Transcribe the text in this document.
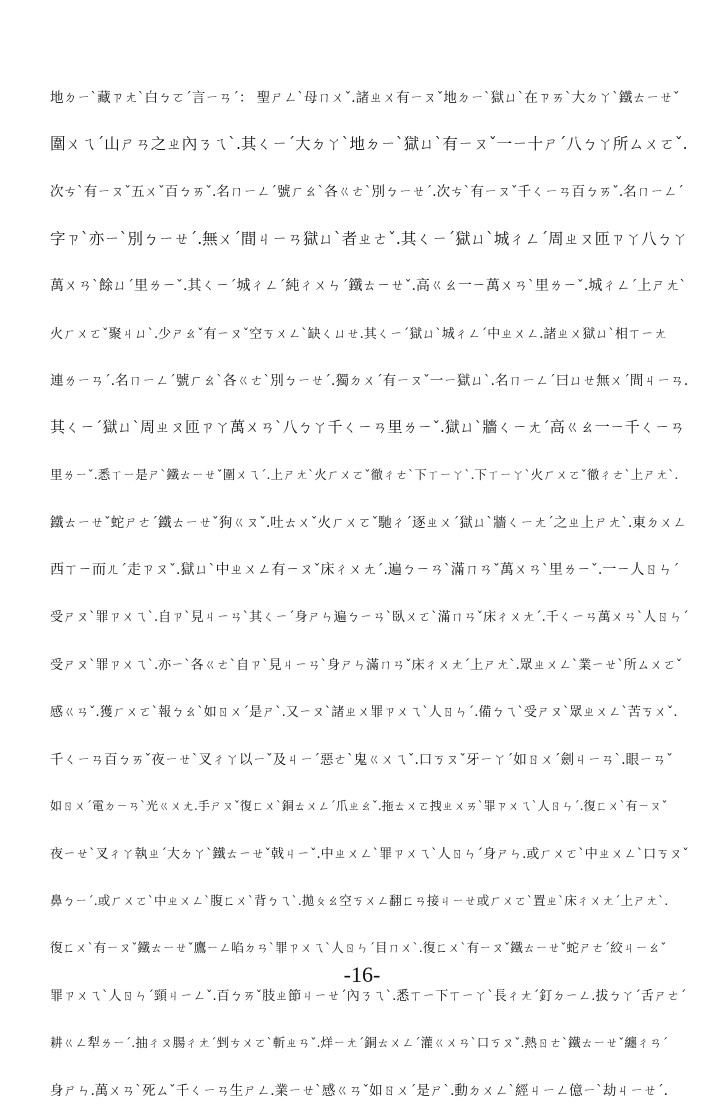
地ㄉㄧˋ藏ㄗㄤˋ白ㄅㄛˊ言ㄧㄢˊ： 聖ㄕㄥˋ母ㄇㄨˇ.諸ㄓㄨ有ㄧㄡˇ地ㄉㄧˋ獄ㄩˋ在ㄗㄞˋ大ㄉㄚˋ鐵ㄊㄧㄝˇ
圍ㄨㄟˊ山ㄕㄢ之ㄓ內ㄋㄟˋ.其ㄑㄧˊ大ㄉㄚˋ地ㄉㄧˋ獄ㄩˋ有ㄧㄡˇ一ㄧ十ㄕˊ八ㄅㄚ所ㄙㄨㄛˇ.
次ㄘˋ有ㄧㄡˇ五ㄨˇ百ㄅㄞˇ.名ㄇㄧㄥˊ號ㄏㄠˋ各ㄍㄜˋ別ㄅㄧㄝˊ.次ㄘˋ有ㄧㄡˇ千ㄑㄧㄢ百ㄅㄞˇ.名ㄇㄧㄥˊ
字ㄗˋ亦ㄧˋ別ㄅㄧㄝˊ.無ㄨˊ間ㄐㄧㄢ獄ㄩˋ者ㄓㄜˇ.其ㄑㄧˊ獄ㄩˋ城ㄔㄥˊ周ㄓㄡ匝ㄗㄚ八ㄅㄚ
萬ㄨㄢˋ餘ㄩˊ里ㄌㄧˇ.其ㄑㄧˊ城ㄔㄥˊ純ㄔㄨㄣˊ鐵ㄊㄧㄝˇ.高ㄍㄠ一ㄧ萬ㄨㄢˋ里ㄌㄧˇ.城ㄔㄥˊ上ㄕㄤˋ
火ㄏㄨㄛˇ聚ㄐㄩˋ.少ㄕㄠˇ有ㄧㄡˇ空ㄎㄨㄥˋ缺ㄑㄩㄝ.其ㄑㄧˊ獄ㄩˋ城ㄔㄥˊ中ㄓㄨㄥ.諸ㄓㄨ獄ㄩˋ相ㄒㄧㄤ
連ㄌㄧㄢˊ.名ㄇㄧㄥˊ號ㄏㄠˋ各ㄍㄜˋ別ㄅㄧㄝˊ.獨ㄉㄨˊ有ㄧㄡˇ一ㄧ獄ㄩˋ.名ㄇㄧㄥˊ曰ㄩㄝ無ㄨˊ間ㄐㄧㄢ.
其ㄑㄧˊ獄ㄩˋ周ㄓㄡ匝ㄗㄚ萬ㄨㄢˋ八ㄅㄚ千ㄑㄧㄢ里ㄌㄧˇ.獄ㄩˋ牆ㄑㄧㄤˊ高ㄍㄠ一ㄧ千ㄑㄧㄢ
里ㄌㄧˇ.悉ㄒㄧ是ㄕˋ鐵ㄊㄧㄝˇ圍ㄨㄟˊ.上ㄕㄤˋ火ㄏㄨㄛˇ徹ㄔㄜˋ下ㄒㄧㄚˋ.下ㄒㄧㄚˋ火ㄏㄨㄛˇ徹ㄔㄜˋ上ㄕㄤˋ.
鐵ㄊㄧㄝˇ蛇ㄕㄜˊ鐵ㄊㄧㄝˇ狗ㄍㄡˇ.吐ㄊㄨˇ火ㄏㄨㄛˇ馳ㄔˊ逐ㄓㄨˊ獄ㄩˋ牆ㄑㄧㄤˊ之ㄓ上ㄕㄤˋ.東ㄉㄨㄥ
西ㄒㄧ而ㄦˊ走ㄗㄡˇ.獄ㄩˋ中ㄓㄨㄥ有ㄧㄡˇ床ㄔㄨㄤˊ.遍ㄅㄧㄢˋ滿ㄇㄢˇ萬ㄨㄢˋ里ㄌㄧˇ.一ㄧ人ㄖㄣˊ
受ㄕㄡˋ罪ㄗㄨㄟˋ.自ㄗˋ見ㄐㄧㄢˋ其ㄑㄧˊ身ㄕㄣ遍ㄅㄧㄢˋ臥ㄨㄛˋ滿ㄇㄢˇ床ㄔㄨㄤˊ.千ㄑㄧㄢ萬ㄨㄢˋ人ㄖㄣˊ
受ㄕㄡˋ罪ㄗㄨㄟˋ.亦ㄧˋ各ㄍㄜˋ自ㄗˋ見ㄐㄧㄢˋ身ㄕㄣ滿ㄇㄢˇ床ㄔㄨㄤˊ上ㄕㄤˋ.眾ㄓㄨㄥˋ業ㄧㄝˋ所ㄙㄨㄛˇ
感ㄍㄢˇ.獲ㄏㄨㄛˋ報ㄅㄠˋ如ㄖㄨˊ是ㄕˋ.又ㄧㄡˋ諸ㄓㄨ罪ㄗㄨㄟˋ人ㄖㄣˊ.備ㄅㄟˋ受ㄕㄡˋ眾ㄓㄨㄥˋ苦ㄎㄨˇ.
千ㄑㄧㄢ百ㄅㄞˇ夜ㄧㄝˋ叉ㄔㄚ以ㄧˇ及ㄐㄧˊ惡ㄜˋ鬼ㄍㄨㄟˇ.口ㄎㄡˇ牙ㄧㄚˊ如ㄖㄨˊ劍ㄐㄧㄢˋ.眼ㄧㄢˇ
如ㄖㄨˊ電ㄉㄧㄢˋ光ㄍㄨㄤ.手ㄕㄡˇ復ㄈㄨˋ銅ㄊㄨㄥˊ爪ㄓㄠˇ.拖ㄊㄨㄛ拽ㄓㄨㄞˋ罪ㄗㄨㄟˋ人ㄖㄣˊ.復ㄈㄨˋ有ㄧㄡˇ
夜ㄧㄝˋ叉ㄔㄚ執ㄓˊ大ㄉㄚˋ鐵ㄊㄧㄝˇ戟ㄐㄧˇ.中ㄓㄨㄥˋ罪ㄗㄨㄟˋ人ㄖㄣˊ身ㄕㄣ.或ㄏㄨㄛˋ中ㄓㄨㄥˋ口ㄎㄡˇ
鼻ㄅㄧˊ.或ㄏㄨㄛˋ中ㄓㄨㄥˋ腹ㄈㄨˋ背ㄅㄟˋ.拋ㄆㄠ空ㄎㄨㄥ翻ㄈㄢ接ㄐㄧㄝ或ㄏㄨㄛˋ置ㄓˋ床ㄔㄨㄤˊ上ㄕㄤˋ.
復ㄈㄨˋ有ㄧㄡˇ鐵ㄊㄧㄝˇ鷹ㄧㄥ啗ㄉㄢˋ罪ㄗㄨㄟˋ人ㄖㄣˊ目ㄇㄨˋ.復ㄈㄨˋ有ㄧㄡˇ鐵ㄊㄧㄝˇ蛇ㄕㄜˊ絞ㄐㄧㄠˇ
罪ㄗㄨㄟˋ人ㄖㄣˊ頸ㄐㄧㄥˇ.百ㄅㄞˇ肢ㄓ節ㄐㄧㄝˊ內ㄋㄟˋ.悉ㄒㄧ下ㄒㄧㄚˋ長ㄔㄤˊ釘ㄉㄧㄥ.拔ㄅㄚˊ舌ㄕㄜˊ
耕ㄍㄥ犁ㄌㄧˊ.抽ㄔㄡ腸ㄔㄤˊ剉ㄘㄨㄛˋ斬ㄓㄢˇ.烊ㄧㄤˊ銅ㄊㄨㄥˊ灌ㄍㄨㄢˋ口ㄎㄡˇ.熱ㄖㄜˋ鐵ㄊㄧㄝˇ纏ㄔㄢˊ
身ㄕㄣ.萬ㄨㄢˋ死ㄙˇ千ㄑㄧㄢ生ㄕㄥ.業ㄧㄝˋ感ㄍㄢˇ如ㄖㄨˊ是ㄕˋ.動ㄉㄨㄥˋ經ㄐㄧㄥ億ㄧˋ劫ㄐㄧㄝˊ.
-16-
